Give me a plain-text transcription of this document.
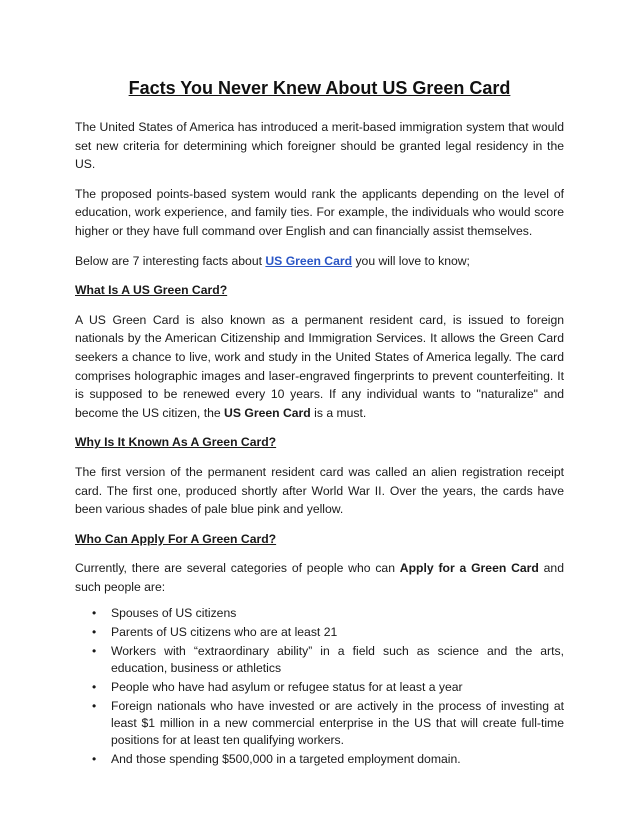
Facts You Never Knew About US Green Card

The United States of America has introduced a merit-based immigration system that would set new criteria for determining which foreigner should be granted legal residency in the US.

The proposed points-based system would rank the applicants depending on the level of education, work experience, and family ties. For example, the individuals who would score higher or they have full command over English and can financially assist themselves.

Below are 7 interesting facts about US Green Card you will love to know;

What Is A US Green Card?

A US Green Card is also known as a permanent resident card, is issued to foreign nationals by the American Citizenship and Immigration Services. It allows the Green Card seekers a chance to live, work and study in the United States of America legally. The card comprises holographic images and laser-engraved fingerprints to prevent counterfeiting. It is supposed to be renewed every 10 years. If any individual wants to "naturalize" and become the US citizen, the US Green Card is a must.

Why Is It Known As A Green Card?

The first version of the permanent resident card was called an alien registration receipt card. The first one, produced shortly after World War II. Over the years, the cards have been various shades of pale blue pink and yellow.

Who Can Apply For A Green Card?

Currently, there are several categories of people who can Apply for a Green Card and such people are:

• Spouses of US citizens
• Parents of US citizens who are at least 21
• Workers with “extraordinary ability” in a field such as science and the arts, education, business or athletics
• People who have had asylum or refugee status for at least a year
• Foreign nationals who have invested or are actively in the process of investing at least $1 million in a new commercial enterprise in the US that will create full-time positions for at least ten qualifying workers.
• And those spending $500,000 in a targeted employment domain.
